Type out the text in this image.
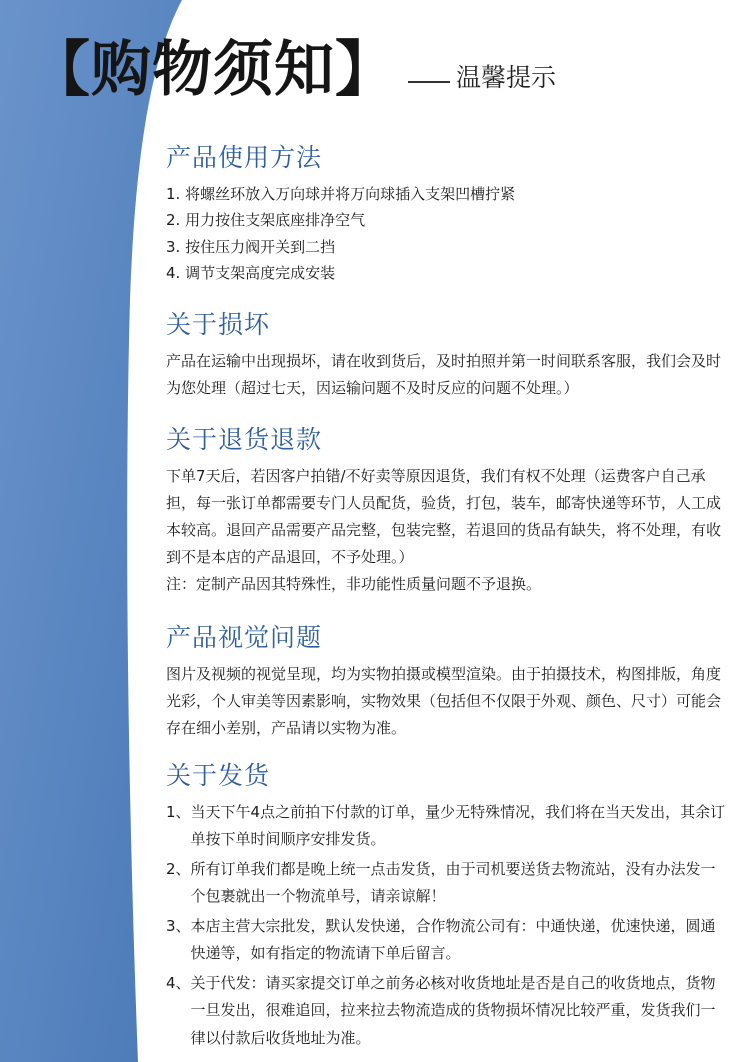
【购物须知】 温馨提示
产品使用方法
1. 将螺丝环放入万向球并将万向球插入支架凹槽拧紧
2. 用力按住支架底座排净空气
3. 按住压力阀开关到二挡
4. 调节支架高度完成安装
关于损坏

产品在运输中出现损坏，请在收到货后，及时拍照并第一时间联系客服，我们会及时为您处理（超过七天，因运输问题不及时反应的问题不处理。）

关于退货退款

下单7天后，若因客户拍错/不好卖等原因退货，我们有权不处理（运费客户自己承担，每一张订单都需要专门人员配货，验货，打包，装车，邮寄快递等环节，人工成本较高。退回产品需要产品完整，包装完整，若退回的货品有缺失，将不处理，有收到不是本店的产品退回，不予处理。）

注：定制产品因其特殊性，非功能性质量问题不予退换。

产品视觉问题

图片及视频的视觉呈现，均为实物拍摄或模型渲染。由于拍摄技术，构图排版，角度光彩，个人审美等因素影响，实物效果（包括但不仅限于外观、颜色、尺寸）可能会存在细小差别，产品请以实物为准。

关于发货
1、 当天下午4点之前拍下付款的订单，量少无特殊情况，我们将在当天发出，其余订单按下单时间顺序安排发货。
2、 所有订单我们都是晚上统一点击发货，由于司机要送货去物流站，没有办法发一个包裹就出一个物流单号，请亲谅解！
3、 本店主营大宗批发，默认发快递，合作物流公司有：中通快递，优速快递，圆通快递等，如有指定的物流请下单后留言。
4、 关于代发：请买家提交订单之前务必核对收货地址是否是自己的收货地点，货物一旦发出，很难追回，拉来拉去物流造成的货物损坏情况比较严重，发货我们一律以付款后收货地址为准。
